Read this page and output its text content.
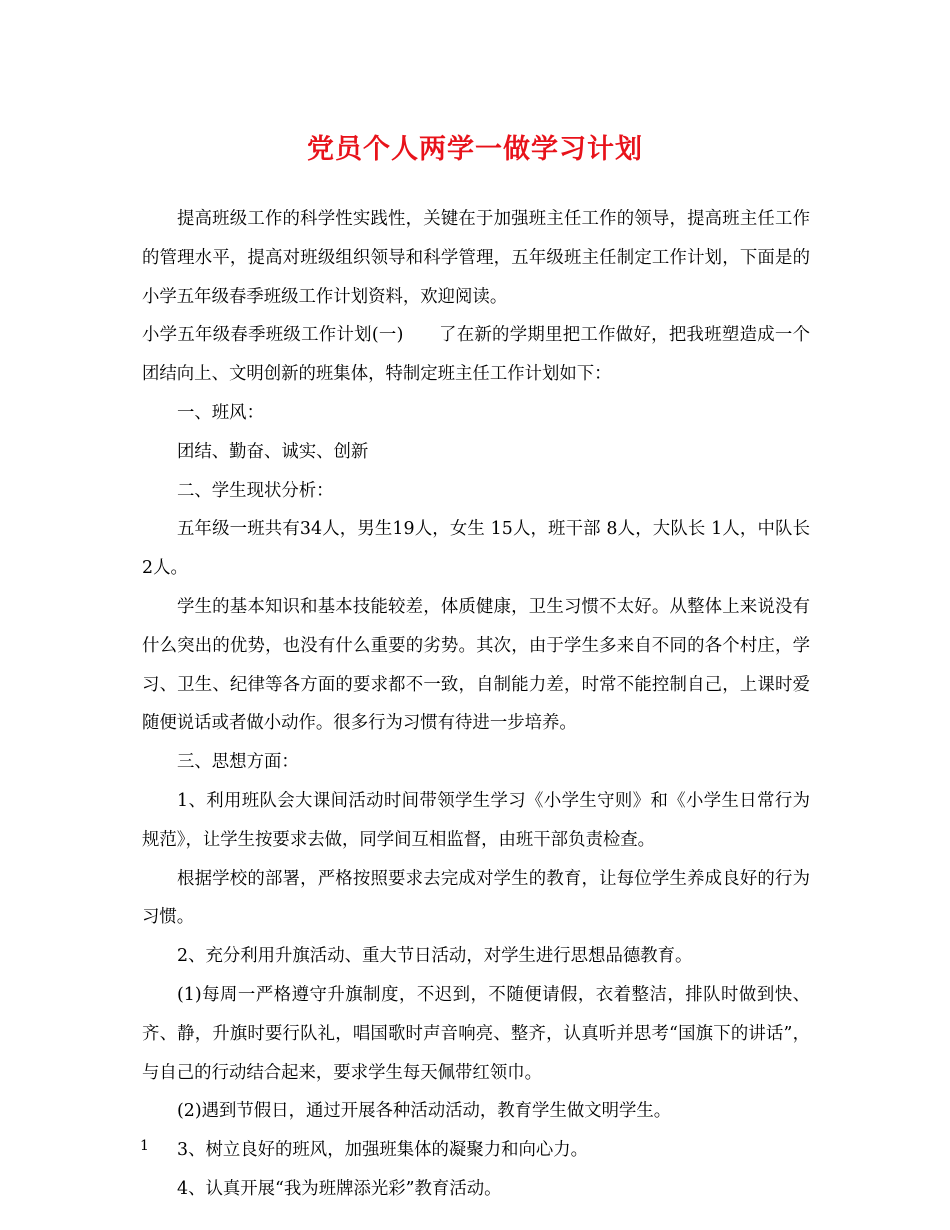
党员个人两学一做学习计划

提高班级工作的科学性实践性，关键在于加强班主任工作的领导，提高班主任工作的管理水平，提高对班级组织领导和科学管理，五年级班主任制定工作计划，下面是的小学五年级春季班级工作计划资料，欢迎阅读。

小学五年级春季班级工作计划(一)　　了在新的学期里把工作做好，把我班塑造成一个团结向上、文明创新的班集体，特制定班主任工作计划如下：

一、班风：

团结、勤奋、诚实、创新

二、学生现状分析：

五年级一班共有34人，男生19人，女生 15人，班干部 8人，大队长 1人，中队长2人。

学生的基本知识和基本技能较差，体质健康，卫生习惯不太好。从整体上来说没有什么突出的优势，也没有什么重要的劣势。其次，由于学生多来自不同的各个村庄，学习、卫生、纪律等各方面的要求都不一致，自制能力差，时常不能控制自己，上课时爱随便说话或者做小动作。很多行为习惯有待进一步培养。

三、思想方面：

1、利用班队会大课间活动时间带领学生学习《小学生守则》和《小学生日常行为规范》，让学生按要求去做，同学间互相监督，由班干部负责检查。

根据学校的部署，严格按照要求去完成对学生的教育，让每位学生养成良好的行为习惯。

2、充分利用升旗活动、重大节日活动，对学生进行思想品德教育。

(1)每周一严格遵守升旗制度，不迟到，不随便请假，衣着整洁，排队时做到快、齐、静，升旗时要行队礼，唱国歌时声音响亮、整齐，认真听并思考“国旗下的讲话”，与自己的行动结合起来，要求学生每天佩带红领巾。

(2)遇到节假日，通过开展各种活动活动，教育学生做文明学生。

3、树立良好的班风，加强班集体的凝聚力和向心力。

4、认真开展“我为班牌添光彩”教育活动。

1
